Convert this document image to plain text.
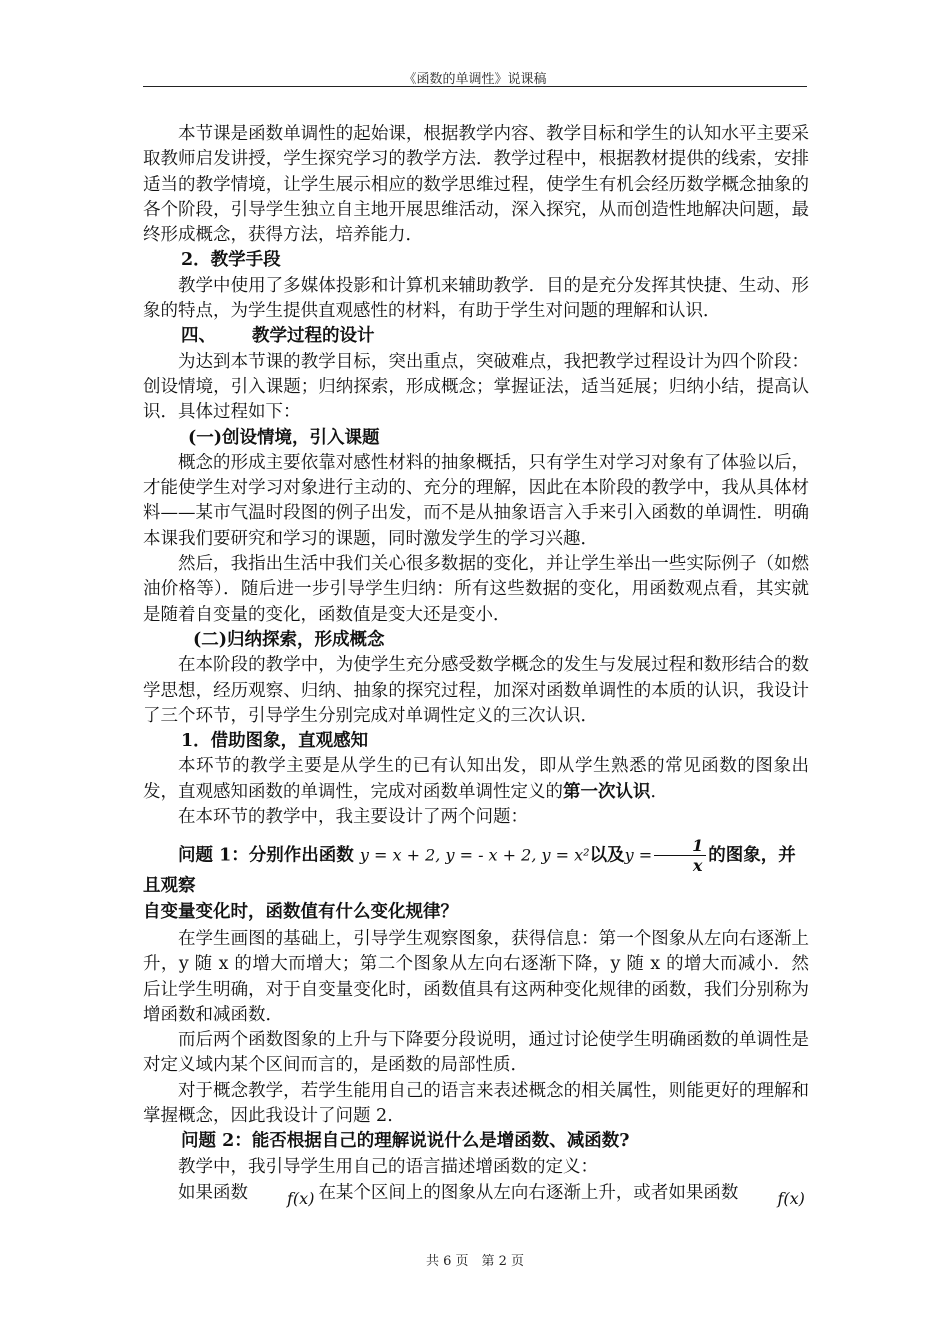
《函数的单调性》说课稿

本节课是函数单调性的起始课，根据教学内容、教学目标和学生的认知水平主要采取教师启发讲授，学生探究学习的教学方法．教学过程中，根据教材提供的线索，安排适当的教学情境，让学生展示相应的数学思维过程，使学生有机会经历数学概念抽象的各个阶段，引导学生独立自主地开展思维活动，深入探究，从而创造性地解决问题，最终形成概念，获得方法，培养能力．

2．教学手段

教学中使用了多媒体投影和计算机来辅助教学．目的是充分发挥其快捷、生动、形象的特点，为学生提供直观感性的材料，有助于学生对问题的理解和认识．

四、 教学过程的设计

为达到本节课的教学目标，突出重点，突破难点，我把教学过程设计为四个阶段：创设情境，引入课题；归纳探索，形成概念；掌握证法，适当延展；归纳小结，提高认识．具体过程如下：

(一)创设情境，引入课题

概念的形成主要依靠对感性材料的抽象概括，只有学生对学习对象有了体验以后，才能使学生对学习对象进行主动的、充分的理解，因此在本阶段的教学中，我从具体材料——某市气温时段图的例子出发，而不是从抽象语言入手来引入函数的单调性．明确本课我们要研究和学习的课题，同时激发学生的学习兴趣．

然后，我指出生活中我们关心很多数据的变化，并让学生举出一些实际例子（如燃油价格等）．随后进一步引导学生归纳：所有这些数据的变化，用函数观点看，其实就是随着自变量的变化，函数值是变大还是变小．

(二)归纳探索，形成概念

在本阶段的教学中，为使学生充分感受数学概念的发生与发展过程和数形结合的数学思想，经历观察、归纳、抽象的探究过程，加深对函数单调性的本质的认识，我设计了三个环节，引导学生分别完成对单调性定义的三次认识．

1．借助图象，直观感知

本环节的教学主要是从学生的已有认知出发，即从学生熟悉的常见函数的图象出发，直观感知函数的单调性，完成对函数单调性定义的第一次认识．

在本环节的教学中，我主要设计了两个问题：

问题 1：分别作出函数 y = x + 2, y = - x + 2, y = x²以及$y = \frac{1}{x}$ 的图象，并且观察

自变量变化时，函数值有什么变化规律？

在学生画图的基础上，引导学生观察图象，获得信息：第一个图象从左向右逐渐上升，y 随 x 的增大而增大；第二个图象从左向右逐渐下降，y 随 x 的增大而减小．然后让学生明确，对于自变量变化时，函数值具有这两种变化规律的函数，我们分别称为增函数和减函数．

而后两个函数图象的上升与下降要分段说明，通过讨论使学生明确函数的单调性是对定义域内某个区间而言的，是函数的局部性质．

对于概念教学，若学生能用自己的语言来表述概念的相关属性，则能更好的理解和掌握概念，因此我设计了问题 2.

问题 2：能否根据自己的理解说说什么是增函数、减函数?

教学中，我引导学生用自己的语言描述增函数的定义：

如果函数 f(x) 在某个区间上的图象从左向右逐渐上升，或者如果函数 f(x)

共 6 页　第 2 页
